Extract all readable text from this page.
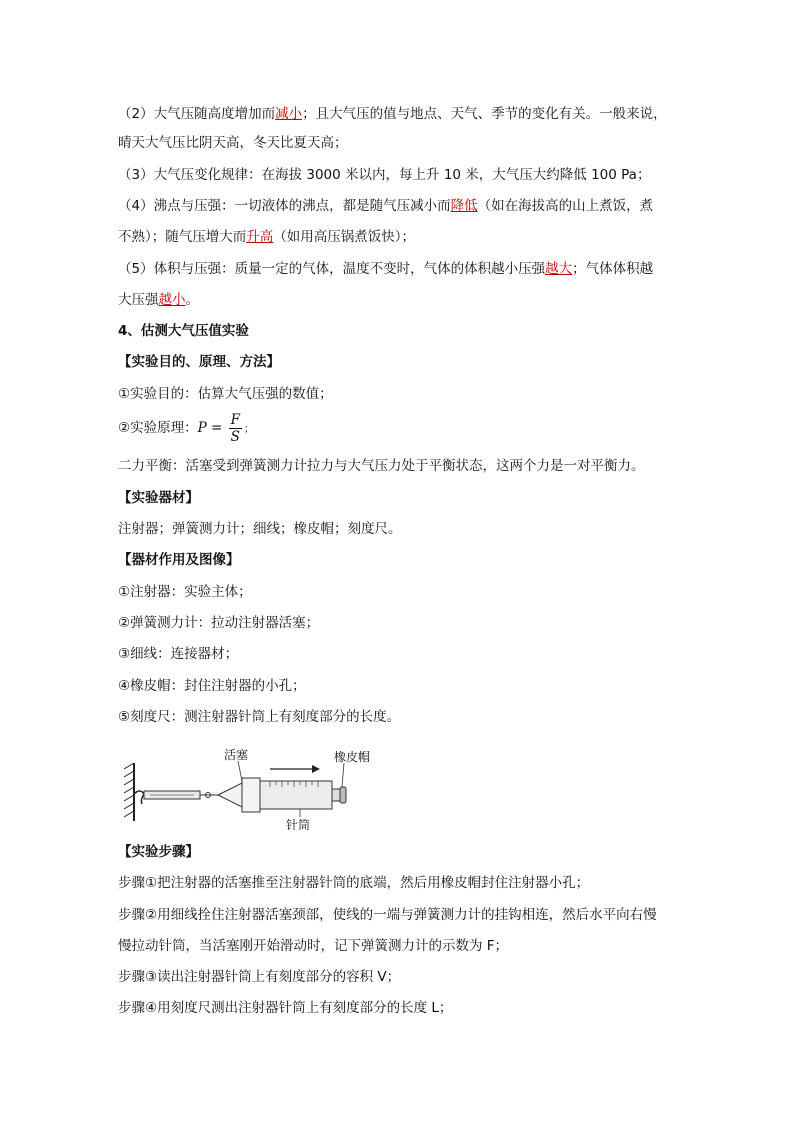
（2）大气压随高度增加而减小；且大气压的值与地点、天气、季节的变化有关。一般来说，
晴天大气压比阴天高，冬天比夏天高；
（3）大气压变化规律：在海拔 3000 米以内，每上升 10 米，大气压大约降低 100 Pa；
（4）沸点与压强：一切液体的沸点，都是随气压减小而降低（如在海拔高的山上煮饭，煮
不熟）；随气压增大而升高（如用高压锅煮饭快）；
（5）体积与压强：质量一定的气体，温度不变时，气体的体积越小压强越大；气体体积越
大压强越小。
4、估测大气压值实验
【实验目的、原理、方法】
①实验目的：估算大气压强的数值；
②实验原理：$P = \frac{F}{S}$ ；
二力平衡：活塞受到弹簧测力计拉力与大气压力处于平衡状态，这两个力是一对平衡力。
【实验器材】
注射器；弹簧测力计；细线；橡皮帽；刻度尺。
【器材作用及图像】
①注射器：实验主体；
②弹簧测力计：拉动注射器活塞；
③细线：连接器材；
④橡皮帽：封住注射器的小孔；
⑤刻度尺：测注射器针筒上有刻度部分的长度。
活塞	橡皮帽
针筒
【实验步骤】
步骤①把注射器的活塞推至注射器针筒的底端，然后用橡皮帽封住注射器小孔；
步骤②用细线拴住注射器活塞颈部，使线的一端与弹簧测力计的挂钩相连，然后水平向右慢
慢拉动针筒，当活塞刚开始滑动时，记下弹簧测力计的示数为 F；
步骤③读出注射器针筒上有刻度部分的容积 V；
步骤④用刻度尺测出注射器针筒上有刻度部分的长度 L；
